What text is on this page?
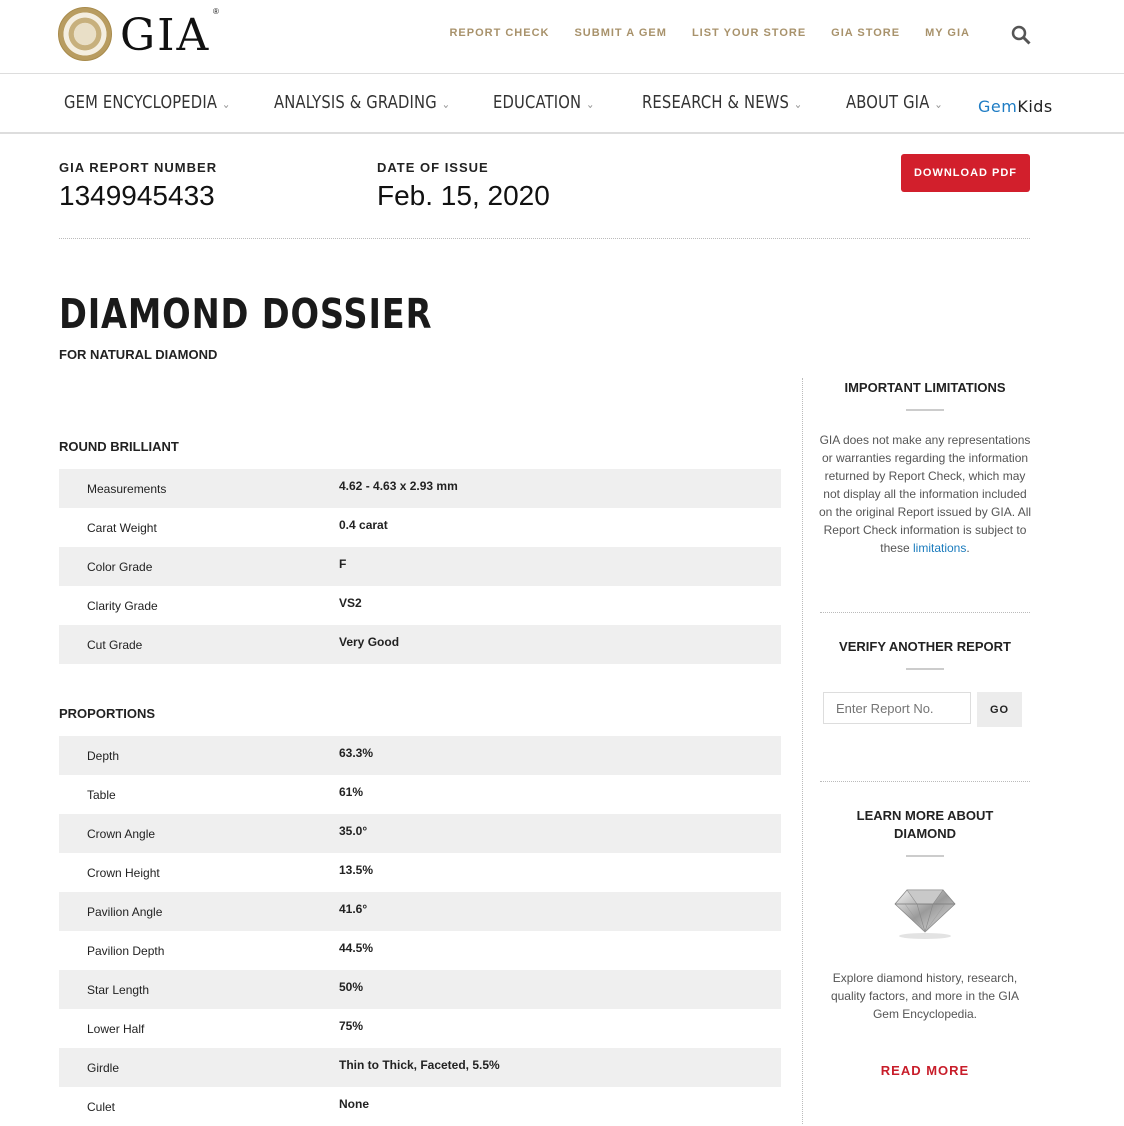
GIA ®
REPORT CHECK SUBMIT A GEM LIST YOUR STORE GIA STORE MY GIA
GEM ENCYCLOPEDIA ⌄ ANALYSIS & GRADING ⌄ EDUCATION ⌄	RESEARCH & NEWS ⌄ ABOUT GIA ⌄ GemKids
GIA REPORT NUMBER
1349945433
DATE OF ISSUE
Feb. 15, 2020
DOWNLOAD PDF
DIAMOND DOSSIER
FOR NATURAL DIAMOND
ROUND BRILLIANT
Measurements	4.62 - 4.63 x 2.93 mm
Carat Weight	0.4 carat
Color Grade	F
Clarity Grade	VS2
Cut Grade	Very Good
PROPORTIONS
Depth	63.3%
Table	61%
Crown Angle	35.0°
Crown Height	13.5%
Pavilion Angle	41.6°
Pavilion Depth	44.5%
Star Length	50%
Lower Half	75%
Girdle	Thin to Thick, Faceted, 5.5%
Culet	None
IMPORTANT LIMITATIONS
GIA does not make any representations or warranties regarding the information returned by Report Check, which may not display all the information included on the original Report issued by GIA. All Report Check information is subject to these limitations.
VERIFY ANOTHER REPORT
Enter Report No.
GO
LEARN MORE ABOUT
DIAMOND
Explore diamond history, research, quality factors, and more in the GIA Gem Encyclopedia.
READ MORE
